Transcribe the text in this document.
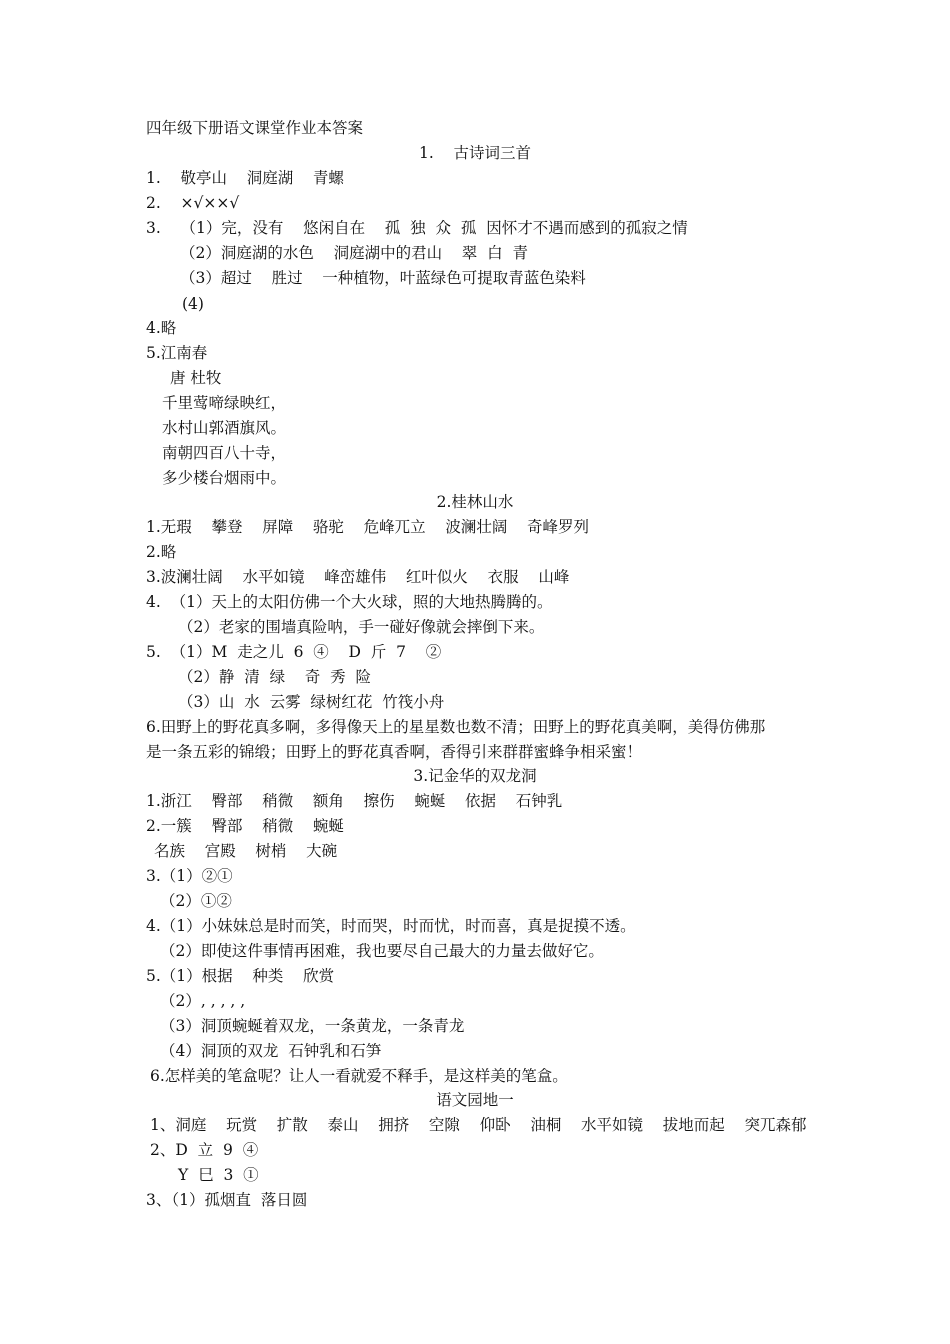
四年级下册语文课堂作业本答案
1.    古诗词三首
1.    敬亭山    洞庭湖    青螺
2.    ×√××√
3.    （1）完，没有    悠闲自在    孤  独  众  孤  因怀才不遇而感到的孤寂之情
（2）洞庭湖的水色    洞庭湖中的君山    翠  白  青
（3）超过    胜过    一种植物，叶蓝绿色可提取青蓝色染料
(4)
4.略
5.江南春
唐 杜牧
千里莺啼绿映红，
水村山郭酒旗风。
南朝四百八十寺，
多少楼台烟雨中。
2.桂林山水
1.无瑕    攀登    屏障    骆驼    危峰兀立    波澜壮阔    奇峰罗列
2.略
3.波澜壮阔    水平如镜    峰峦雄伟    红叶似火    衣服    山峰
4.  （1）天上的太阳仿佛一个大火球，照的大地热腾腾的。
（2）老家的围墙真险呐，手一碰好像就会摔倒下来。
5.  （1）M  走之儿  6  ④    D  斤  7    ②
（2）静  清  绿    奇  秀  险
（3）山  水  云雾  绿树红花  竹筏小舟
6.田野上的野花真多啊，多得像天上的星星数也数不清；田野上的野花真美啊，美得仿佛那
是一条五彩的锦缎；田野上的野花真香啊，香得引来群群蜜蜂争相采蜜！
3.记金华的双龙洞
1.浙江    臀部    稍微    额角    擦伤    蜿蜒    依据    石钟乳
2.一簇    臀部    稍微    蜿蜒
名族    宫殿    树梢    大碗
3.（1）②①
（2）①②
4.（1）小妹妹总是时而笑，时而哭，时而忧，时而喜，真是捉摸不透。
（2）即使这件事情再困难，我也要尽自己最大的力量去做好它。
5.（1）根据    种类    欣赏
（2）, , , , ,
（3）洞顶蜿蜒着双龙，一条黄龙，一条青龙
（4）洞顶的双龙  石钟乳和石笋
6.怎样美的笔盒呢？让人一看就爱不释手，是这样美的笔盒。
语文园地一
1、洞庭    玩赏    扩散    泰山    拥挤    空隙    仰卧    油桐    水平如镜    拔地而起    突兀森郁
2、D  立  9  ④
Y  巳  3  ①
3、（1）孤烟直  落日圆
